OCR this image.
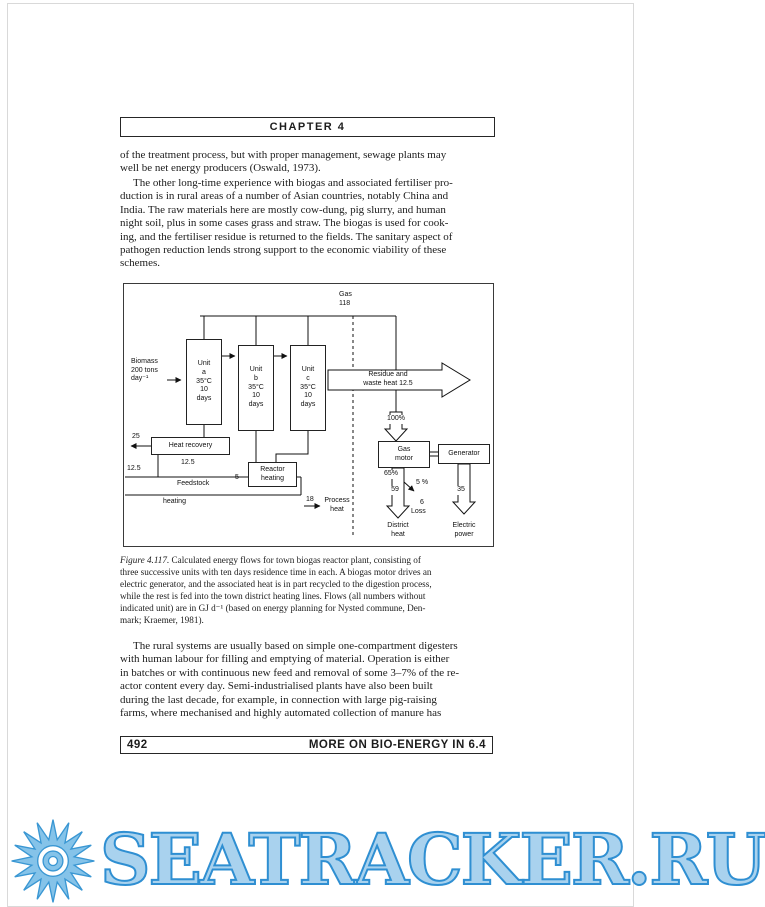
CHAPTER 4
of the treatment process, but with proper management, sewage plants may
well be net energy producers (Oswald, 1973).
The other long-time experience with biogas and associated fertiliser pro-
duction is in rural areas of a number of Asian countries, notably China and
India. The raw materials here are mostly cow-dung, pig slurry, and human
night soil, plus in some cases grass and straw. The biogas is used for cook-
ing, and the fertiliser residue is returned to the fields. The sanitary aspect of
pathogen reduction lends strong support to the economic viability of these
schemes.
Unit
a
35°C
10
days
Unit
b
35°C
10
days
Unit
c
35°C
10
days
Gas
motor
Generator
Heat recovery
Reactor
heating
Biomass
200 tons
day⁻¹
Gas
118
Residue and
waste heat 12.5
100%
65%
59
5 %
6
Loss
35
District
heat
Electric
power
12.5
Feedstock
heating
5
18 Process
heat
25
12.5
Figure 4.117. Calculated energy flows for town biogas reactor plant, consisting of
three successive units with ten days residence time in each. A biogas motor drives an
electric generator, and the associated heat is in part recycled to the digestion process,
while the rest is fed into the town district heating lines. Flows (all numbers without
indicated unit) are in GJ d⁻¹ (based on energy planning for Nysted commune, Den-
mark; Kraemer, 1981).
The rural systems are usually based on simple one-compartment digesters
with human labour for filling and emptying of material. Operation is either
in batches or with continuous new feed and removal of some 3–7% of the re-
actor content every day. Semi-industrialised plants have also been built
during the last decade, for example, in connection with large pig-raising
farms, where mechanised and highly automated collection of manure has
492	MORE ON BIO-ENERGY IN 6.4
SEATRACKER.RU
